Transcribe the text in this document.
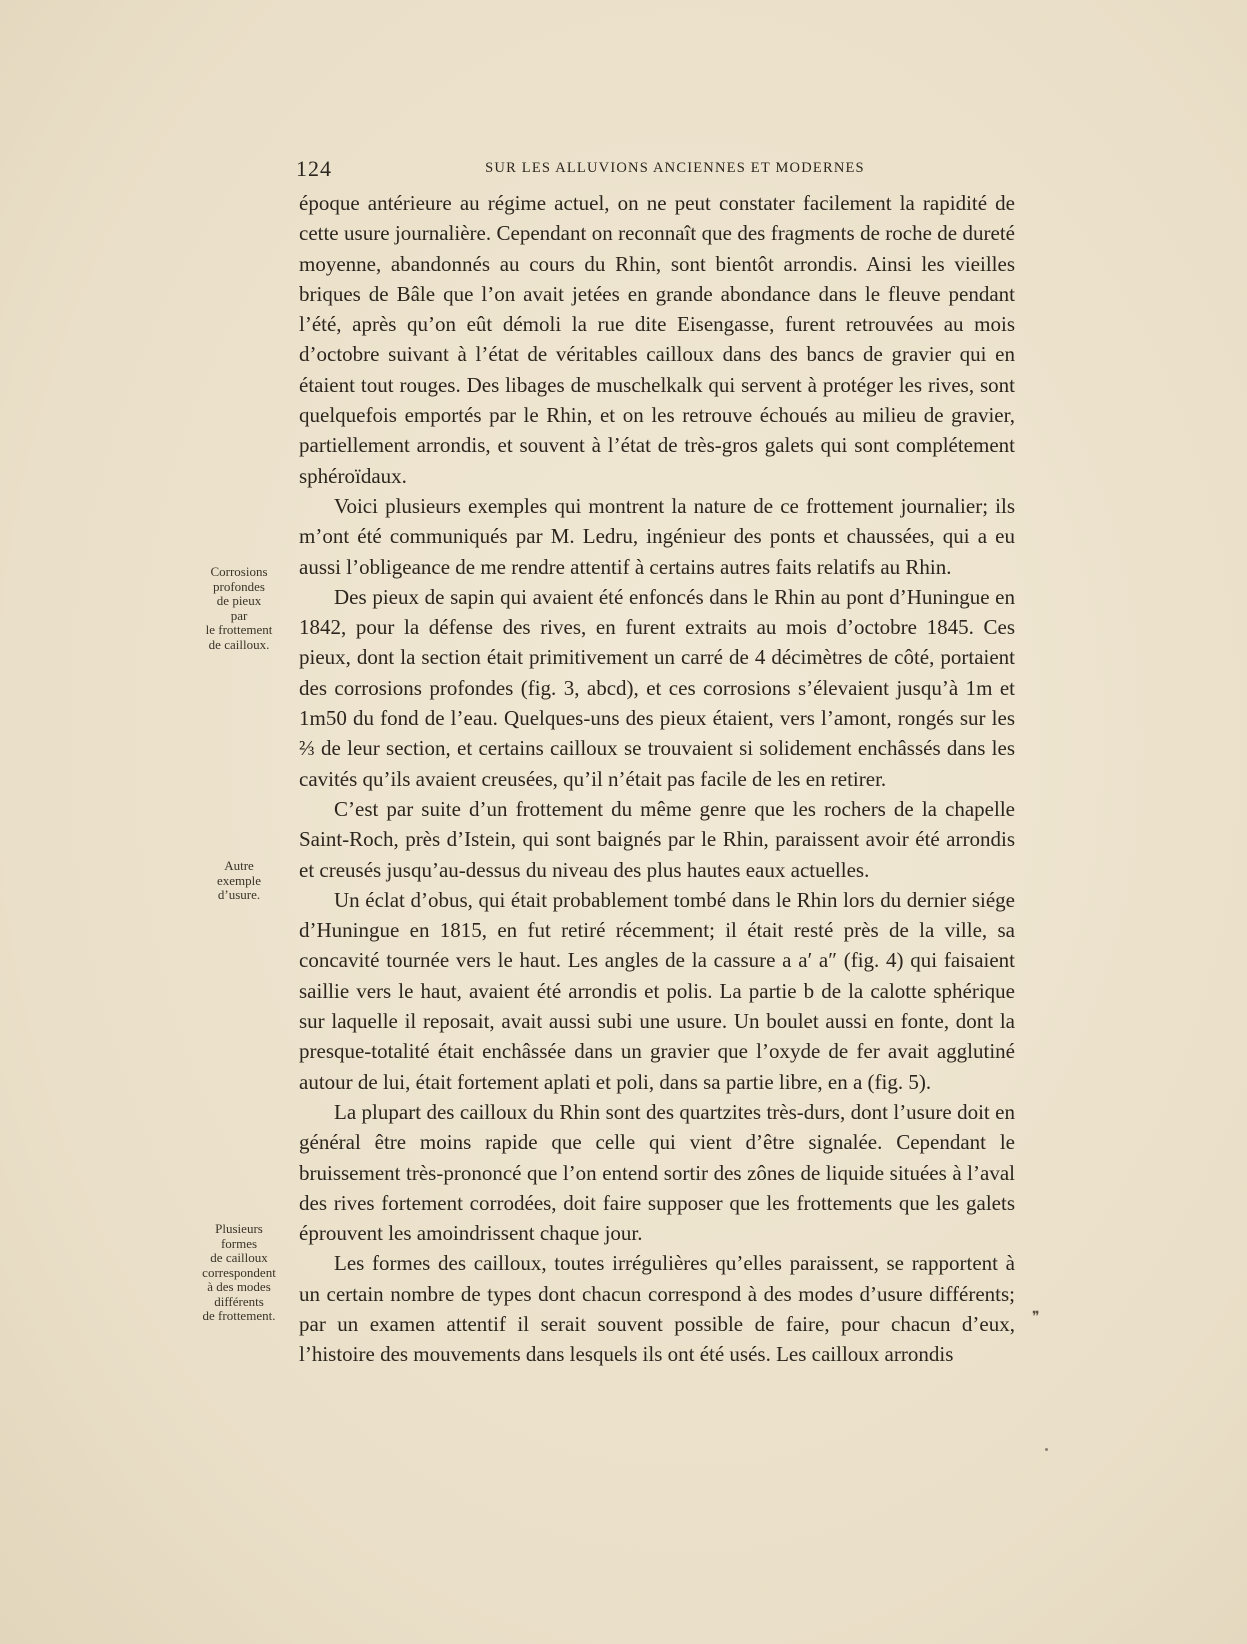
124	SUR LES ALLUVIONS ANCIENNES ET MODERNES

époque antérieure au régime actuel, on ne peut constater facilement la rapidité de cette usure journalière. Cependant on reconnaît que des fragments de roche de dureté moyenne, abandonnés au cours du Rhin, sont bientôt arrondis. Ainsi les vieilles briques de Bâle que l’on avait jetées en grande abondance dans le fleuve pendant l’été, après qu’on eût démoli la rue dite Eisengasse, furent retrouvées au mois d’octobre suivant à l’état de véritables cailloux dans des bancs de gravier qui en étaient tout rouges. Des libages de muschelkalk qui servent à protéger les rives, sont quelquefois emportés par le Rhin, et on les retrouve échoués au milieu de gravier, partiellement arrondis, et souvent à l’état de très-gros galets qui sont complétement sphéroïdaux.

Voici plusieurs exemples qui montrent la nature de ce frottement journalier; ils m’ont été communiqués par M. Ledru, ingénieur des ponts et chaussées, qui a eu aussi l’obligeance de me rendre attentif à certains autres faits relatifs au Rhin.

Des pieux de sapin qui avaient été enfoncés dans le Rhin au pont d’Huningue en 1842, pour la défense des rives, en furent extraits au mois d’octobre 1845. Ces pieux, dont la section était primitivement un carré de 4 décimètres de côté, portaient des corrosions profondes (fig. 3, abcd), et ces corrosions s’élevaient jusqu’à 1m et 1m50 du fond de l’eau. Quelques-uns des pieux étaient, vers l’amont, rongés sur les ⅔ de leur section, et certains cailloux se trouvaient si solidement enchâssés dans les cavités qu’ils avaient creusées, qu’il n’était pas facile de les en retirer.

C’est par suite d’un frottement du même genre que les rochers de la chapelle Saint-Roch, près d’Istein, qui sont baignés par le Rhin, paraissent avoir été arrondis et creusés jusqu’au-dessus du niveau des plus hautes eaux actuelles.

Un éclat d’obus, qui était probablement tombé dans le Rhin lors du dernier siége d’Huningue en 1815, en fut retiré récemment; il était resté près de la ville, sa concavité tournée vers le haut. Les angles de la cassure a a′ a″ (fig. 4) qui faisaient saillie vers le haut, avaient été arrondis et polis. La partie b de la calotte sphérique sur laquelle il reposait, avait aussi subi une usure. Un boulet aussi en fonte, dont la presque-totalité était enchâssée dans un gravier que l’oxyde de fer avait agglutiné autour de lui, était fortement aplati et poli, dans sa partie libre, en a (fig. 5).

La plupart des cailloux du Rhin sont des quartzites très-durs, dont l’usure doit en général être moins rapide que celle qui vient d’être signalée. Cependant le bruissement très-prononcé que l’on entend sortir des zônes de liquide situées à l’aval des rives fortement corrodées, doit faire supposer que les frottements que les galets éprouvent les amoindrissent chaque jour.

Les formes des cailloux, toutes irrégulières qu’elles paraissent, se rapportent à un certain nombre de types dont chacun correspond à des modes d’usure différents; par un examen attentif il serait souvent possible de faire, pour chacun d’eux, l’histoire des mouvements dans lesquels ils ont été usés. Les cailloux arrondis

Corrosions
profondes
de pieux
par
le frottement
de cailloux.
Autre
exemple
d’usure.
Plusieurs
formes
de cailloux
correspondent
à des modes
différents
de frottement.	❞
